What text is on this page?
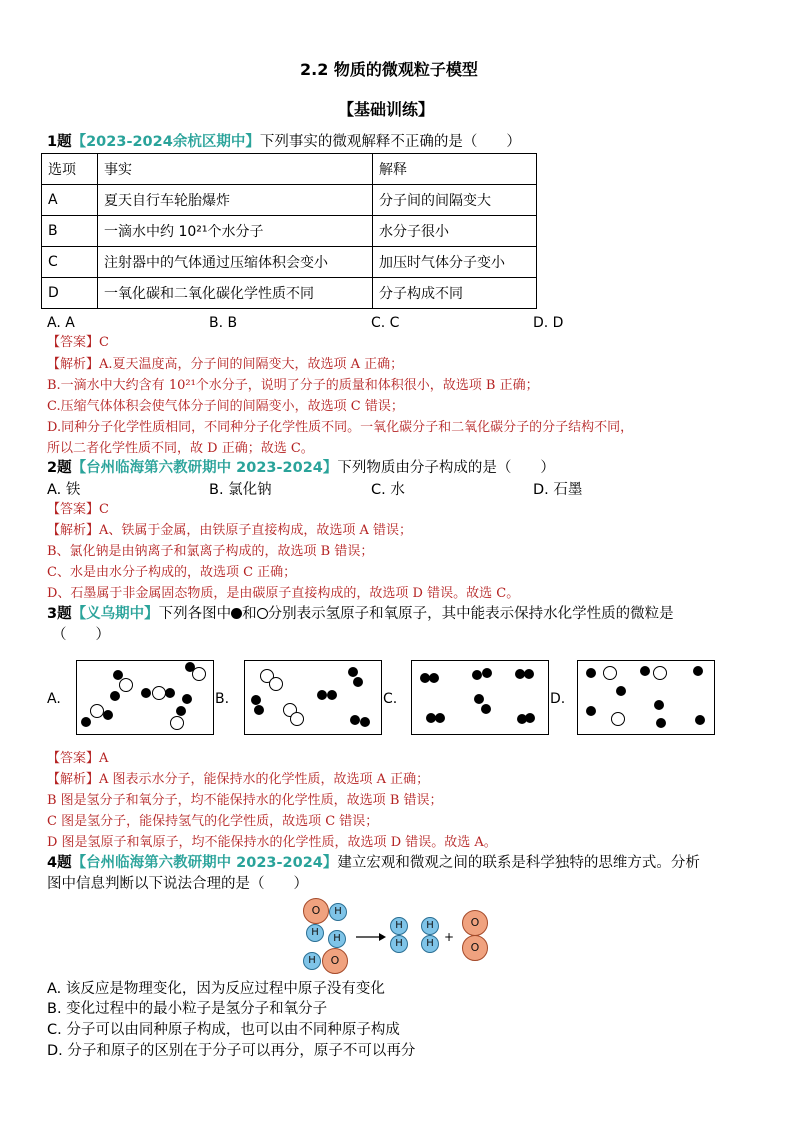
2.2 物质的微观粒子模型
【基础训练】
1题【2023-2024余杭区期中】下列事实的微观解释不正确的是（　　）
选项	事实	解释
A	夏天自行车轮胎爆炸	分子间的间隔变大
B	一滴水中约 10²¹个水分子	水分子很小
C	注射器中的气体通过压缩体积会变小	加压时气体分子变小
D	一氧化碳和二氧化碳化学性质不同	分子构成不同
A. A	B. B	C. C	D. D
【答案】C
【解析】A.夏天温度高，分子间的间隔变大，故选项 A 正确；
B.一滴水中大约含有 10²¹个水分子，说明了分子的质量和体积很小，故选项 B 正确；
C.压缩气体体积会使气体分子间的间隔变小，故选项 C 错误；
D.同种分子化学性质相同，不同种分子化学性质不同。一氧化碳分子和二氧化碳分子的分子结构不同，
所以二者化学性质不同，故 D 正确；故选 C。
2题【台州临海第六教研期中 2023-2024】下列物质由分子构成的是（　　）
A. 铁	B. 氯化钠	C. 水	D. 石墨
【答案】C
【解析】A、铁属于金属，由铁原子直接构成，故选项 A 错误；
B、氯化钠是由钠离子和氯离子构成的，故选项 B 错误；
C、水是由水分子构成的，故选项 C 正确；
D、石墨属于非金属固态物质，是由碳原子直接构成的，故选项 D 错误。故选 C。
3题【义乌期中】下列各图中 和 分别表示氢原子和氧原子，其中能表示保持水化学性质的微粒是
（　　）
A.	B.	C.	D.
【答案】A
【解析】A 图表示水分子，能保持水的化学性质，故选项 A 正确；
B 图是氢分子和氧分子，均不能保持水的化学性质，故选项 B 错误；
C 图是氢分子，能保持氢气的化学性质，故选项 C 错误；
D 图是氢原子和氧原子，均不能保持水的化学性质，故选项 D 错误。故选 A。
4题【台州临海第六教研期中 2023-2024】建立宏观和微观之间的联系是科学独特的思维方式。分析
图中信息判断以下说法合理的是（　　）
O	H
H
H
H	O
H
H
H
H +
O
O
A. 该反应是物理变化，因为反应过程中原子没有变化
B. 变化过程中的最小粒子是氢分子和氧分子
C. 分子可以由同种原子构成，也可以由不同种原子构成
D. 分子和原子的区别在于分子可以再分，原子不可以再分
